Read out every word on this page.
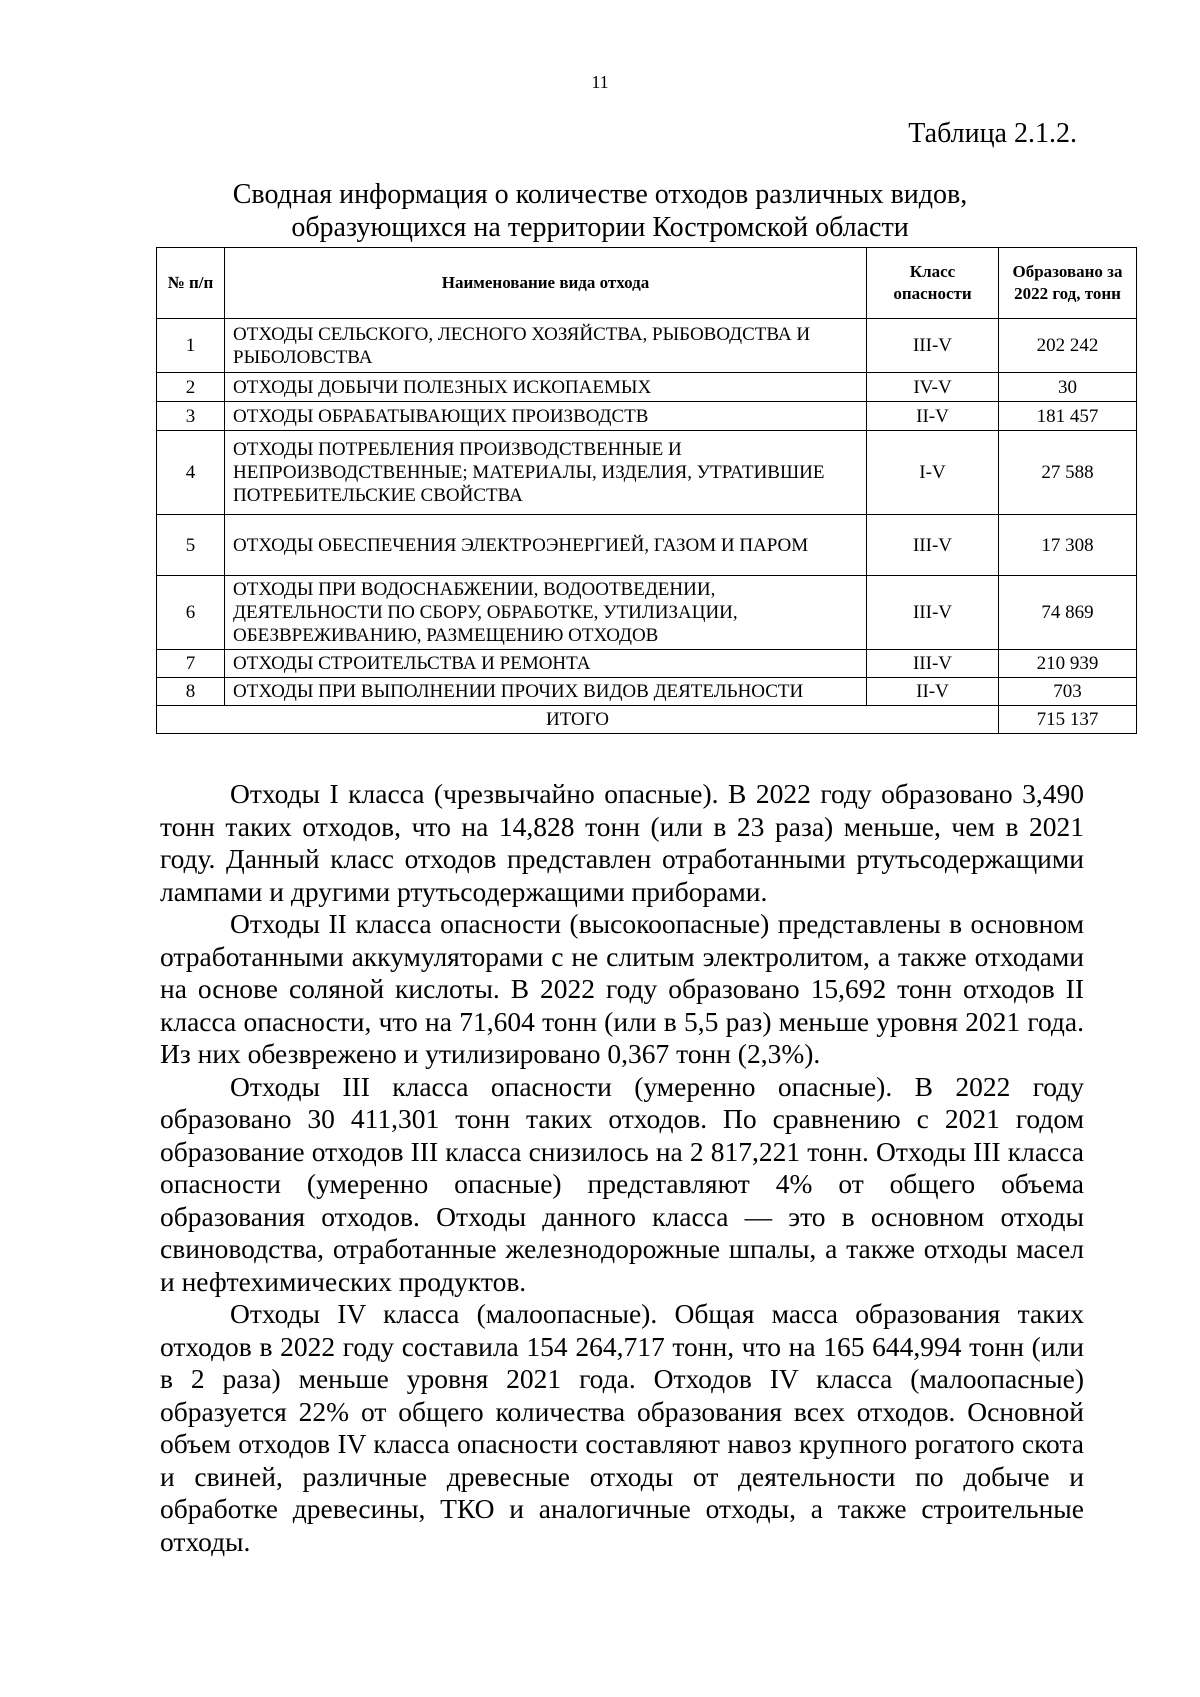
11
Таблица 2.1.2.
Сводная информация о количестве отходов различных видов, образующихся на территории Костромской области
№ п/п	Наименование вида отхода	Класс опасности	Образовано за 2022 год, тонн
1	ОТХОДЫ СЕЛЬСКОГО, ЛЕСНОГО ХОЗЯЙСТВА, РЫБОВОДСТВА И РЫБОЛОВСТВА	III-V	202 242
2	ОТХОДЫ ДОБЫЧИ ПОЛЕЗНЫХ ИСКОПАЕМЫХ	IV-V	30
3	ОТХОДЫ ОБРАБАТЫВАЮЩИХ ПРОИЗВОДСТВ	II-V	181 457
4	ОТХОДЫ ПОТРЕБЛЕНИЯ ПРОИЗВОДСТВЕННЫЕ И НЕПРОИЗВОДСТВЕННЫЕ; МАТЕРИАЛЫ, ИЗДЕЛИЯ, УТРАТИВШИЕ ПОТРЕБИТЕЛЬСКИЕ СВОЙСТВА	I-V	27 588
5	ОТХОДЫ ОБЕСПЕЧЕНИЯ ЭЛЕКТРОЭНЕРГИЕЙ, ГАЗОМ И ПАРОМ	III-V	17 308
6	ОТХОДЫ ПРИ ВОДОСНАБЖЕНИИ, ВОДООТВЕДЕНИИ, ДЕЯТЕЛЬНОСТИ ПО СБОРУ, ОБРАБОТКЕ, УТИЛИЗАЦИИ, ОБЕЗВРЕЖИВАНИЮ, РАЗМЕЩЕНИЮ ОТХОДОВ	III-V	74 869
7	ОТХОДЫ СТРОИТЕЛЬСТВА И РЕМОНТА	III-V	210 939
8	ОТХОДЫ ПРИ ВЫПОЛНЕНИИ ПРОЧИХ ВИДОВ ДЕЯТЕЛЬНОСТИ	II-V	703
ИТОГО			715 137

Отходы I класса (чрезвычайно опасные). В 2022 году образовано 3,490 тонн таких отходов, что на 14,828 тонн (или в 23 раза) меньше, чем в 2021 году. Данный класс отходов представлен отработанными ртутьсодержащими лампами и другими ртутьсодержащими приборами.

Отходы II класса опасности (высокоопасные) представлены в основном отработанными аккумуляторами с не слитым электролитом, а также отходами на основе соляной кислоты. В 2022 году образовано 15,692 тонн отходов II класса опасности, что на 71,604 тонн (или в 5,5 раз) меньше уровня 2021 года. Из них обезврежено и утилизировано 0,367 тонн (2,3%).

Отходы III класса опасности (умеренно опасные). В 2022 году образовано 30 411,301 тонн таких отходов. По сравнению с 2021 годом образование отходов III класса снизилось на 2 817,221 тонн. Отходы III класса опасности (умеренно опасные) представляют 4% от общего объема образования отходов. Отходы данного класса — это в основном отходы свиноводства, отработанные железнодорожные шпалы, а также отходы масел и нефтехимических продуктов.

Отходы IV класса (малоопасные). Общая масса образования таких отходов в 2022 году составила 154 264,717 тонн, что на 165 644,994 тонн (или в 2 раза) меньше уровня 2021 года. Отходов IV класса (малоопасные) образуется 22% от общего количества образования всех отходов. Основной объем отходов IV класса опасности составляют навоз крупного рогатого скота и свиней, различные древесные отходы от деятельности по добыче и обработке древесины, ТКО и аналогичные отходы, а также строительные отходы.
